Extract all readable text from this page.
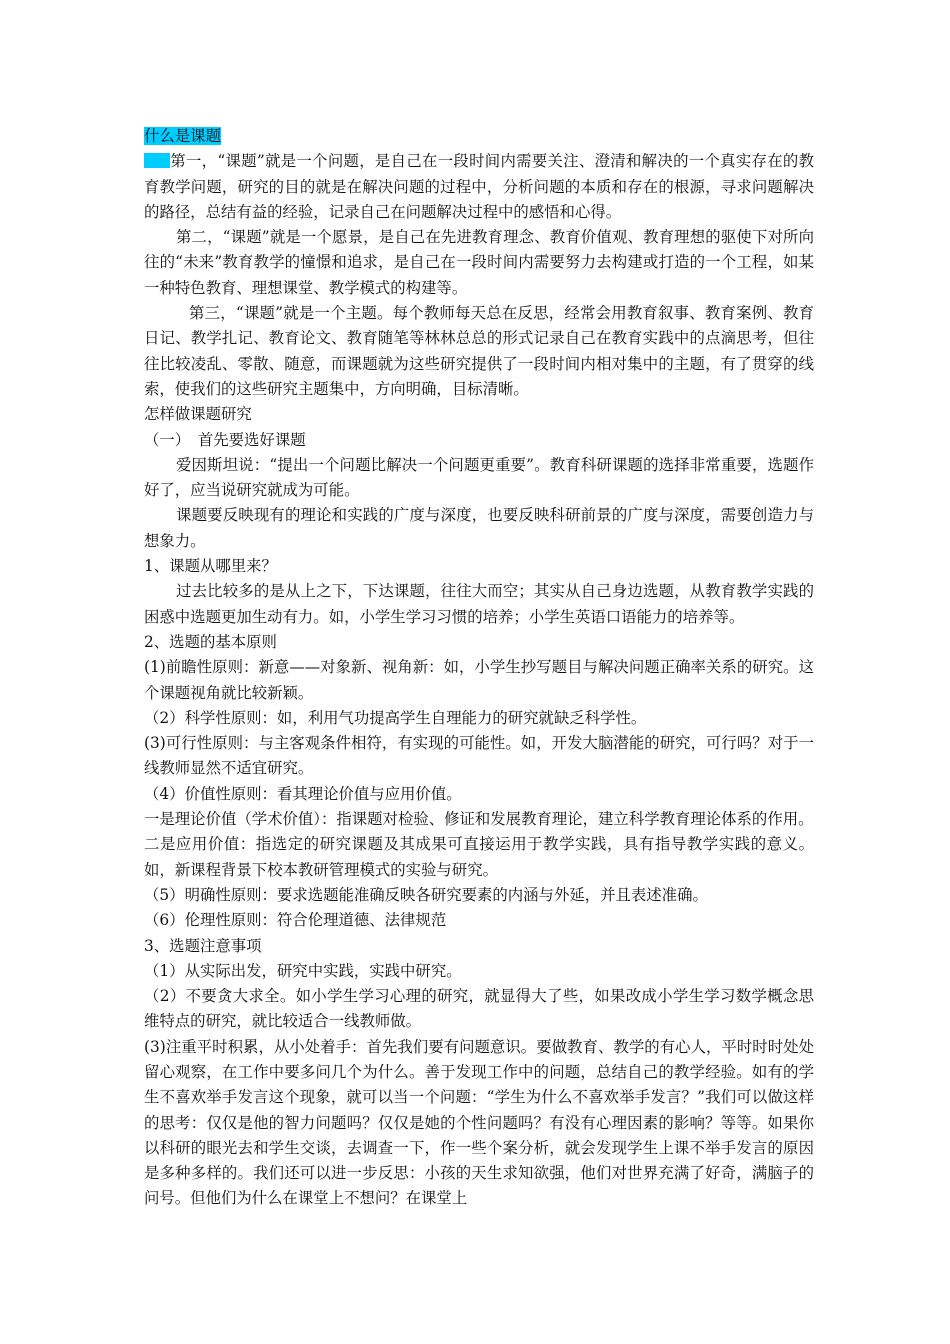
什么是课题

第一，“课题”就是一个问题，是自己在一段时间内需要关注、澄清和解决的一个真实存在的教育教学问题，研究的目的就是在解决问题的过程中，分析问题的本质和存在的根源，寻求问题解决的路径，总结有益的经验，记录自己在问题解决过程中的感悟和心得。

第二，“课题”就是一个愿景，是自己在先进教育理念、教育价值观、教育理想的驱使下对所向往的“未来”教育教学的憧憬和追求，是自己在一段时间内需要努力去构建或打造的一个工程，如某一种特色教育、理想课堂、教学模式的构建等。

第三，“课题”就是一个主题。每个教师每天总在反思，经常会用教育叙事、教育案例、教育日记、教学扎记、教育论文、教育随笔等林林总总的形式记录自己在教育实践中的点滴思考，但往往比较凌乱、零散、随意，而课题就为这些研究提供了一段时间内相对集中的主题，有了贯穿的线索，使我们的这些研究主题集中，方向明确，目标清晰。

怎样做课题研究

（一）　首先要选好课题

爱因斯坦说：“提出一个问题比解决一个问题更重要”。教育科研课题的选择非常重要，选题作好了，应当说研究就成为可能。

课题要反映现有的理论和实践的广度与深度，也要反映科研前景的广度与深度，需要创造力与想象力。

1、课题从哪里来？

过去比较多的是从上之下，下达课题，往往大而空；其实从自己身边选题，从教育教学实践的困惑中选题更加生动有力。如，小学生学习习惯的培养；小学生英语口语能力的培养等。

2、选题的基本原则

(1)前瞻性原则：新意——对象新、视角新：如，小学生抄写题目与解决问题正确率关系的研究。这个课题视角就比较新颖。

（2）科学性原则：如，利用气功提高学生自理能力的研究就缺乏科学性。

(3)可行性原则：与主客观条件相符，有实现的可能性。如，开发大脑潜能的研究，可行吗？对于一线教师显然不适宜研究。

（4）价值性原则：看其理论价值与应用价值。

一是理论价值（学术价值）：指课题对检验、修证和发展教育理论，建立科学教育理论体系的作用。

二是应用价值：指选定的研究课题及其成果可直接运用于教学实践，具有指导教学实践的意义。如，新课程背景下校本教研管理模式的实验与研究。

（5）明确性原则：要求选题能准确反映各研究要素的内涵与外延，并且表述准确。

（6）伦理性原则：符合伦理道德、法律规范

3、选题注意事项

（1）从实际出发，研究中实践，实践中研究。

（2）不要贪大求全。如小学生学习心理的研究，就显得大了些，如果改成小学生学习数学概念思维特点的研究，就比较适合一线教师做。

(3)注重平时积累，从小处着手：首先我们要有问题意识。要做教育、教学的有心人，平时时时处处留心观察，在工作中要多问几个为什么。善于发现工作中的问题，总结自己的教学经验。如有的学生不喜欢举手发言这个现象，就可以当一个问题：“学生为什么不喜欢举手发言？”我们可以做这样的思考：仅仅是他的智力问题吗？仅仅是她的个性问题吗？有没有心理因素的影响？等等。如果你以科研的眼光去和学生交谈，去调查一下，作一些个案分析，就会发现学生上课不举手发言的原因是多种多样的。我们还可以进一步反思：小孩的天生求知欲强，他们对世界充满了好奇，满脑子的问号。但他们为什么在课堂上不想问？在课堂上
